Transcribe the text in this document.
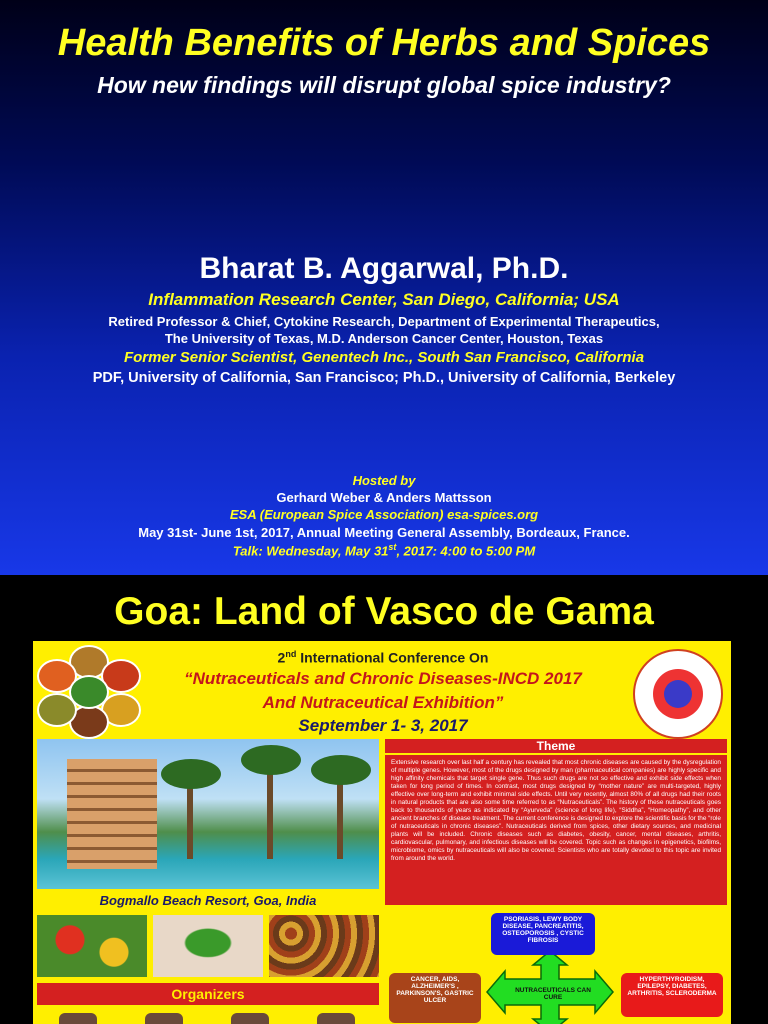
Health Benefits of Herbs and Spices
How new findings will disrupt global spice industry?
Bharat B. Aggarwal, Ph.D.
Inflammation Research Center, San Diego, California; USA
Retired Professor & Chief, Cytokine Research, Department of Experimental Therapeutics,
The University of Texas, M.D. Anderson Cancer Center, Houston, Texas
Former Senior Scientist, Genentech Inc., South San Francisco, California
PDF, University of California, San Francisco; Ph.D., University of California, Berkeley
Hosted by
Gerhard Weber & Anders Mattsson
ESA (European Spice Association) esa-spices.org
May 31st- June 1st, 2017, Annual Meeting General Assembly, Bordeaux, France.
Talk: Wednesday, May 31st, 2017: 4:00 to 5:00 PM
Goa: Land of Vasco de Gama
2nd International Conference On
“Nutraceuticals and Chronic Diseases-INCD 2017
And Nutraceutical Exhibition”
September 1- 3, 2017
Bogmallo Beach Resort, Goa, India
Organizers
Theme
Extensive research over last half a century has revealed that most chronic diseases are caused by the dysregulation of multiple genes. However, most of the drugs designed by man (pharmaceutical companies) are highly specific and high affinity chemicals that target single gene. Thus such drugs are not so effective and exhibit side effects when taken for long period of times. In contrast, most drugs designed by “mother nature” are multi-targeted, highly effective over long-term and exhibit minimal side effects. Until very recently, almost 80% of all drugs had their roots in natural products that are also some time referred to as “Nutraceuticals”. The history of these nutraceuticals goes back to thousands of years as indicated by “Ayurveda” (science of long life), “Siddha”, “Homeopathy”, and other ancient branches of disease treatment. The current conference is designed to explore the scientific basis for the “role of nutraceuticals in chronic diseases”. Nutraceuticals derived from spices, other dietary sources, and medicinal plants will be included. Chronic diseases such as diabetes, obesity, cancer, mental diseases, arthritis, cardiovascular, pulmonary, and infectious diseases will be covered. Topic such as changes in epigenetics, biofilms, microbiome, omics by nutraceuticals will also be covered. Scientists who are totally devoted to this topic are invited from around the world.
NUTRACEUTICALS CAN CURE
PSORIASIS, LEWY BODY DISEASE, PANCREATITIS, OSTEOPOROSIS , CYSTIC FIBROSIS
CANCER, AIDS, ALZHEIMER'S , PARKINSON'S, GASTRIC ULCER
HYPERTHYROIDISM, EPILEPSY, DIABETES, ARTHRITIS, SCLERODERMA
